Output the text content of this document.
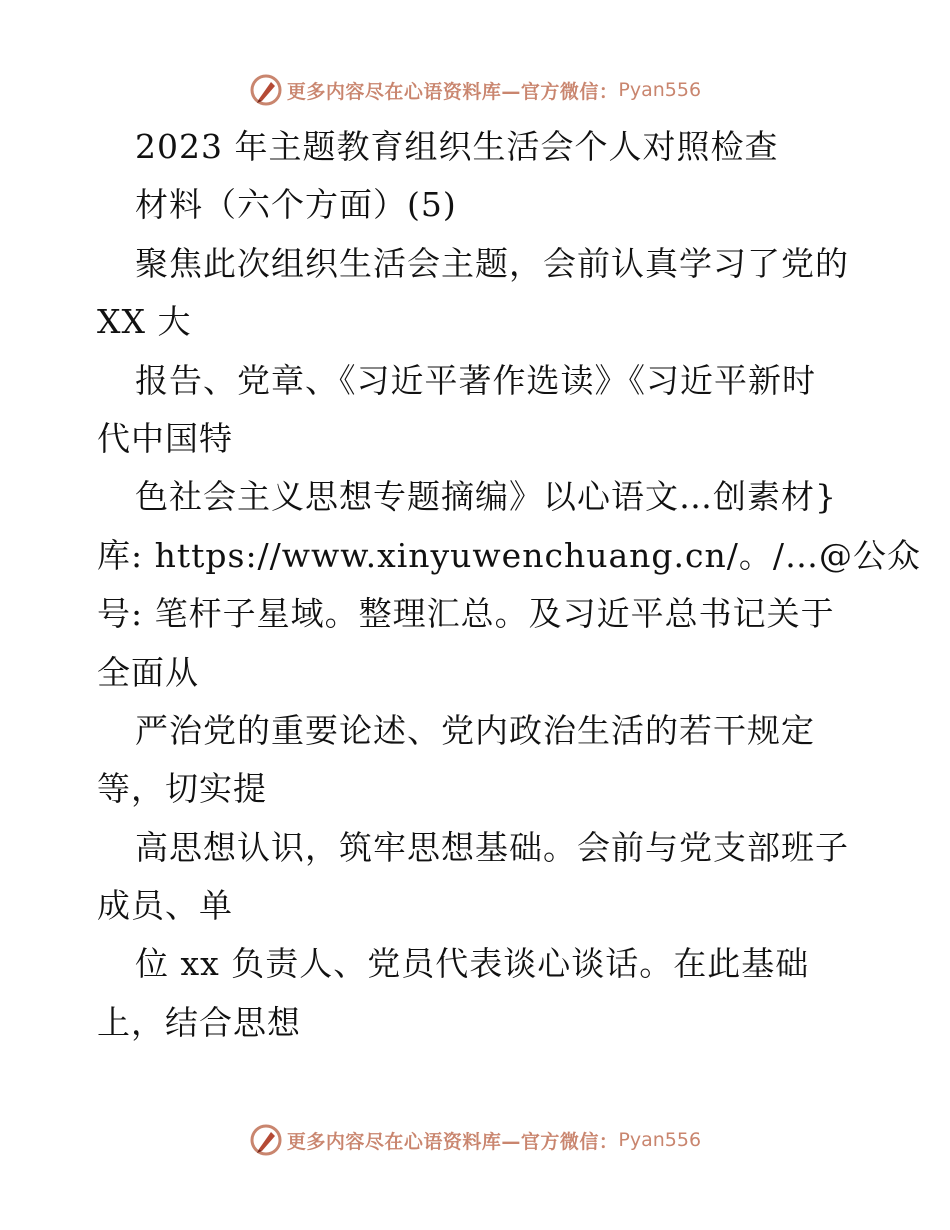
更多内容尽在心语资料库—官方微信： Pyan556
2023 年主题教育组织生活会个人对照检查
材料（六个方面）(5)
聚焦此次组织生活会主题，会前认真学习了党的
XX 大
报告、党章、《习近平著作选读》《习近平新时
代中国特
色社会主义思想专题摘编》以心语文…创素材}
库: https://www.xinyuwenchuang.cn/。/…@公众
号: 笔杆子星域。整理汇总。及习近平总书记关于
全面从
严治党的重要论述、党内政治生活的若干规定
等，切实提
高思想认识，筑牢思想基础。会前与党支部班子
成员、单
位 xx 负责人、党员代表谈心谈话。在此基础
上，结合思想
更多内容尽在心语资料库—官方微信： Pyan556
